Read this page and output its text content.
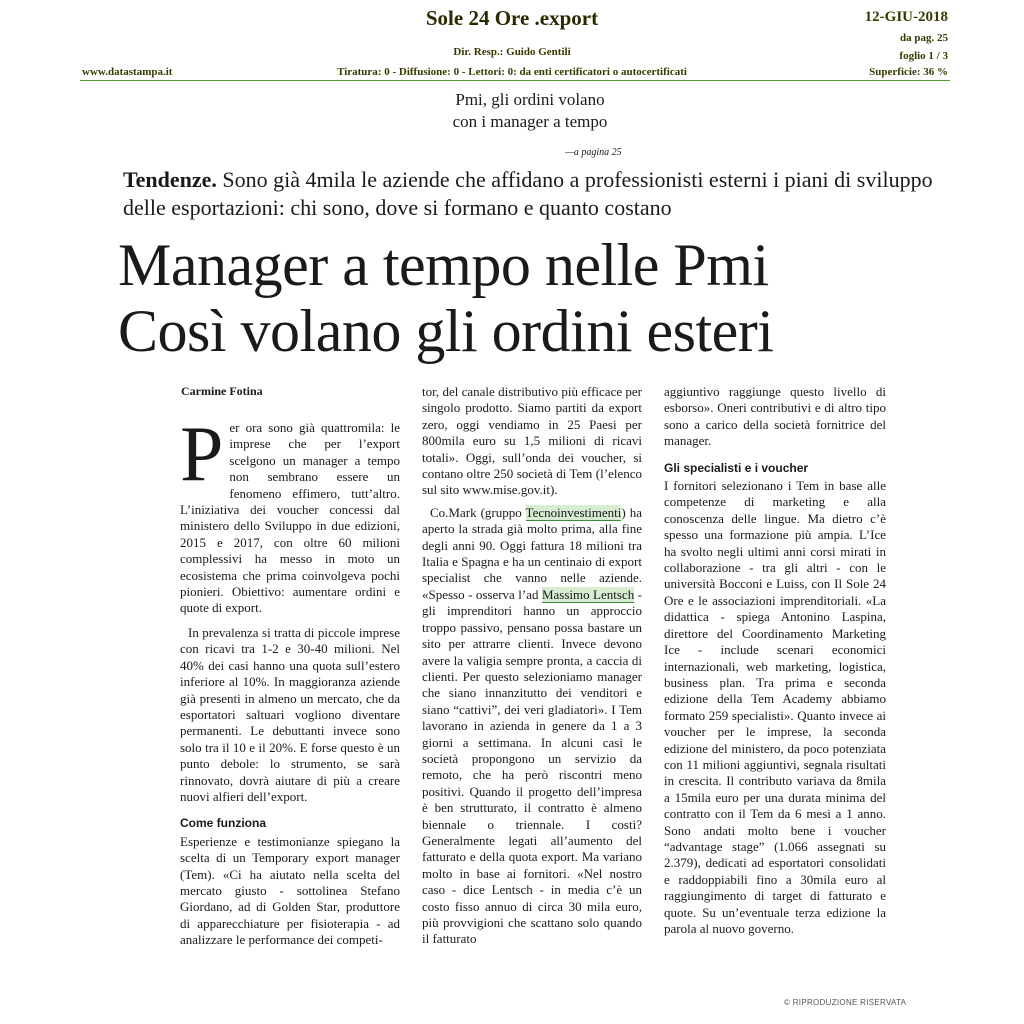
Sole 24 Ore .export	12-GIU-2018
Dir. Resp.: Guido Gentili
da pag. 25
foglio 1 / 3
www.datastampa.it	Tiratura: 0 - Diffusione: 0 - Lettori: 0: da enti certificatori o autocertificati	Superficie: 36 %
Pmi, gli ordini volano
con i manager a tempo
—a pagina 25
Tendenze. Sono già 4mila le aziende che affidano a professionisti esterni i piani di sviluppo delle esportazioni: chi sono, dove si formano e quanto costano
Manager a tempo nelle Pmi
Così volano gli ordini esteri
Carmine Fotina

Per ora sono già quattromila: le imprese che per l’export scelgono un manager a tempo non sembrano essere un fenomeno effimero, tutt’altro. L’iniziativa dei voucher concessi dal ministero dello Sviluppo in due edizioni, 2015 e 2017, con oltre 60 milioni complessivi ha messo in moto un ecosistema che prima coinvolgeva pochi pionieri. Obiettivo: aumentare ordini e quote di export.

In prevalenza si tratta di piccole imprese con ricavi tra 1-2 e 30-40 milioni. Nel 40% dei casi hanno una quota sull’estero inferiore al 10%. In maggioranza aziende già presenti in almeno un mercato, che da esportatori saltuari vogliono diventare permanenti. Le debuttanti invece sono solo tra il 10 e il 20%. E forse questo è un punto debole: lo strumento, se sarà rinnovato, dovrà aiutare di più a creare nuovi alfieri dell’export.

Come funziona

Esperienze e testimonianze spiegano la scelta di un Temporary export manager (Tem). «Ci ha aiutato nella scelta del mercato giusto - sottolinea Stefano Giordano, ad di Golden Star, produttore di apparecchiature per fisioterapia - ad analizzare le performance dei competi-

tor, del canale distributivo più efficace per singolo prodotto. Siamo partiti da export zero, oggi vendiamo in 25 Paesi per 800mila euro su 1,5 milioni di ricavi totali». Oggi, sull’onda dei voucher, si contano oltre 250 società di Tem (l’elenco sul sito www.mise.gov.it).

Co.Mark (gruppo Tecnoinvestimenti) ha aperto la strada già molto prima, alla fine degli anni 90. Oggi fattura 18 milioni tra Italia e Spagna e ha un centinaio di export specialist che vanno nelle aziende. «Spesso - osserva l’ad Massimo Lentsch - gli imprenditori hanno un approccio troppo passivo, pensano possa bastare un sito per attrarre clienti. Invece devono avere la valigia sempre pronta, a caccia di clienti. Per questo selezioniamo manager che siano innanzitutto dei venditori e siano “cattivi”, dei veri gladiatori». I Tem lavorano in azienda in genere da 1 a 3 giorni a settimana. In alcuni casi le società propongono un servizio da remoto, che ha però riscontri meno positivi. Quando il progetto dell’impresa è ben strutturato, il contratto è almeno biennale o triennale. I costi? Generalmente legati all’aumento del fatturato e della quota export. Ma variano molto in base ai fornitori. «Nel nostro caso - dice Lentsch - in media c’è un costo fisso annuo di circa 30 mila euro, più provvigioni che scattano solo quando il fatturato

aggiuntivo raggiunge questo livello di esborso». Oneri contributivi e di altro tipo sono a carico della società fornitrice del manager.

Gli specialisti e i voucher

I fornitori selezionano i Tem in base alle competenze di marketing e alla conoscenza delle lingue. Ma dietro c’è spesso una formazione più ampia. L’Ice ha svolto negli ultimi anni corsi mirati in collaborazione - tra gli altri - con le università Bocconi e Luiss, con Il Sole 24 Ore e le associazioni imprenditoriali. «La didattica - spiega Antonino Laspina, direttore del Coordinamento Marketing Ice - include scenari economici internazionali, web marketing, logistica, business plan. Tra prima e seconda edizione della Tem Academy abbiamo formato 259 specialisti». Quanto invece ai voucher per le imprese, la seconda edizione del ministero, da poco potenziata con 11 milioni aggiuntivi, segnala risultati in crescita. Il contributo variava da 8mila a 15mila euro per una durata minima del contratto con il Tem da 6 mesi a 1 anno. Sono andati molto bene i voucher “advantage stage” (1.066 assegnati su 2.379), dedicati ad esportatori consolidati e raddoppiabili fino a 30mila euro al raggiungimento di target di fatturato e quote. Su un’eventuale terza edizione la parola al nuovo governo.

© RIPRODUZIONE RISERVATA
